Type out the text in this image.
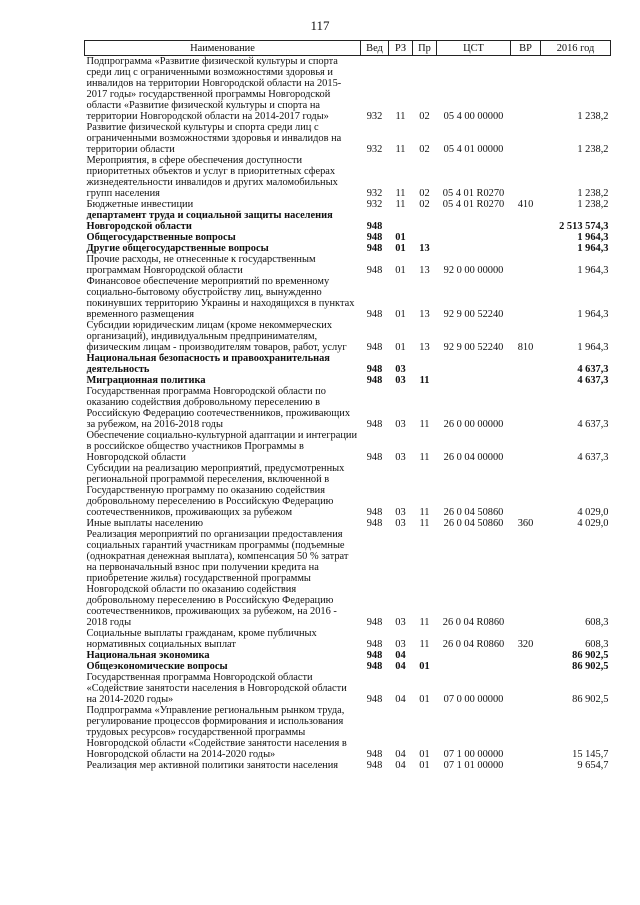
117
Наименование	Вед	РЗ	Пр	ЦСТ	ВР	2016 год
Подпрограмма «Развитие физической культуры и спорта среди лиц с ограниченными возможностями здоровья и инвалидов на территории Новгородской области на 2015-2017 годы» государственной программы Новгородской области «Развитие физической культуры и спорта на территории Новгородской области на 2014-2017 годы»	932	11	02	05 4 00 00000		1 238,2
Развитие физической культуры и спорта среди лиц с ограниченными возможностями здоровья и инвалидов на территории области	932	11	02	05 4 01 00000		1 238,2
Мероприятия, в сфере обеспечения доступности приоритетных объектов и услуг в приоритетных сферах жизнедеятельности инвалидов и других маломобильных групп населения	932	11	02	05 4 01 R0270		1 238,2
Бюджетные инвестиции	932	11	02	05 4 01 R0270	410	1 238,2
департамент труда и социальной защиты населения Новгородской области	948					2 513 574,3
Общегосударственные вопросы	948	01				1 964,3
Другие общегосударственные вопросы	948	01	13			1 964,3
Прочие расходы, не отнесенные к государственным программам Новгородской области	948	01	13	92 0 00 00000		1 964,3
Финансовое обеспечение мероприятий по временному социально-бытовому обустройству лиц, вынужденно покинувших территорию Украины и находящихся в пунктах временного размещения	948	01	13	92 9 00 52240		1 964,3
Субсидии юридическим лицам (кроме некоммерческих организаций), индивидуальным предпринимателям, физическим лицам - производителям товаров, работ, услуг	948	01	13	92 9 00 52240	810	1 964,3
Национальная безопасность и правоохранительная деятельность	948	03				4 637,3
Миграционная политика	948	03	11			4 637,3
Государственная программа Новгородской области по оказанию содействия добровольному переселению в Российскую Федерацию соотечественников, проживающих за рубежом, на 2016-2018 годы	948	03	11	26 0 00 00000		4 637,3
Обеспечение социально-культурной адаптации и интеграции в российское общество участников Программы в Новгородской области	948	03	11	26 0 04 00000		4 637,3
Субсидии на реализацию мероприятий, предусмотренных региональной программой переселения, включенной в Государственную программу по оказанию содействия добровольному переселению в Российскую Федерацию соотечественников, проживающих за рубежом	948	03	11	26 0 04 50860		4 029,0
Иные выплаты населению	948	03	11	26 0 04 50860	360	4 029,0
Реализация мероприятий по организации предоставления социальных гарантий участникам программы (подъемные (однократная денежная выплата), компенсация 50 % затрат на первоначальный взнос при получении кредита на приобретение жилья) государственной программы Новгородской области по оказанию содействия добровольному переселению в Российскую Федерацию соотечественников, проживающих за рубежом, на 2016 - 2018 годы	948	03	11	26 0 04 R0860		608,3
Социальные выплаты гражданам, кроме публичных нормативных социальных выплат	948	03	11	26 0 04 R0860	320	608,3
Национальная экономика	948	04				86 902,5
Общеэкономические вопросы	948	04	01			86 902,5
Государственная программа Новгородской области «Содействие занятости населения в Новгородской области на 2014-2020 годы»	948	04	01	07 0 00 00000		86 902,5
Подпрограмма «Управление региональным рынком труда, регулирование процессов формирования и использования трудовых ресурсов» государственной программы Новгородской области «Содействие занятости населения в Новгородской области на 2014-2020 годы»	948	04	01	07 1 00 00000		15 145,7
Реализация мер активной политики занятости населения	948	04	01	07 1 01 00000		9 654,7
